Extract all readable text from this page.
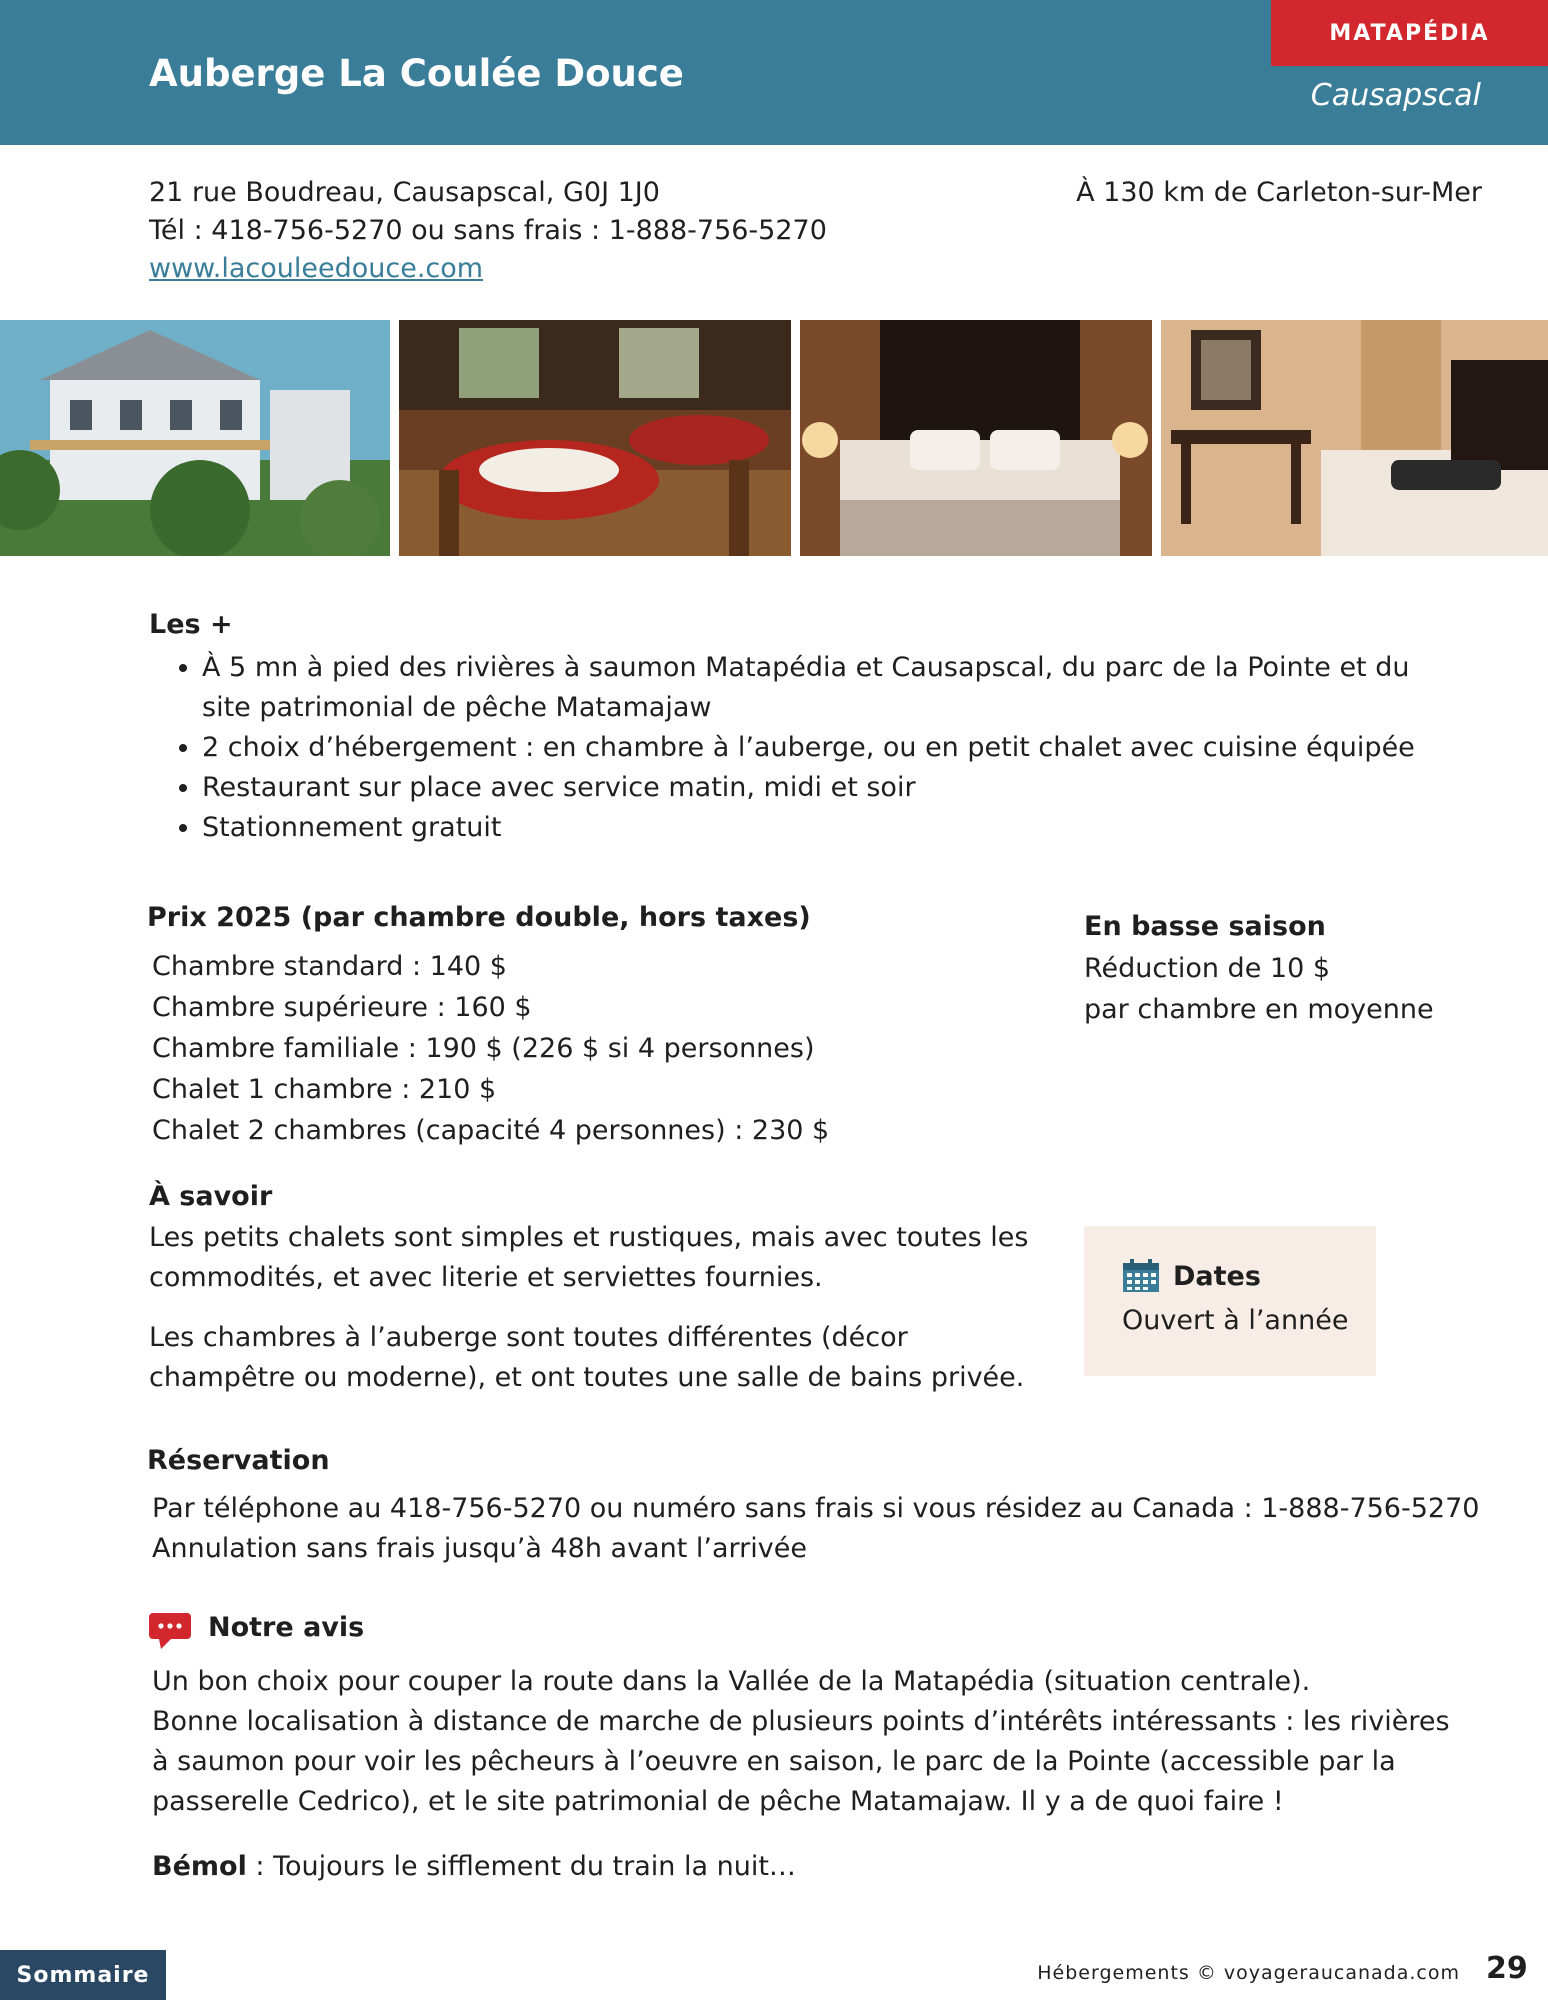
Auberge La Coulée Douce
MATAPÉDIA
Causapscal
21 rue Boudreau, Causapscal, G0J 1J0
Tél : 418-756-5270 ou sans frais : 1-888-756-5270
www.lacouleedouce.com
À 130 km de Carleton-sur-Mer
Les +
• À 5 mn à pied des rivières à saumon Matapédia et Causapscal, du parc de la Pointe et du
site patrimonial de pêche Matamajaw
• 2 choix d’hébergement : en chambre à l’auberge, ou en petit chalet avec cuisine équipée
• Restaurant sur place avec service matin, midi et soir
• Stationnement gratuit
Prix 2025 (par chambre double, hors taxes)
Chambre standard : 140 $
Chambre supérieure : 160 $
Chambre familiale : 190 $ (226 $ si 4 personnes)
Chalet 1 chambre : 210 $
Chalet 2 chambres (capacité 4 personnes) : 230 $
En basse saison
Réduction de 10 $
par chambre en moyenne
À savoir
Les petits chalets sont simples et rustiques, mais avec toutes les
commodités, et avec literie et serviettes fournies.
Les chambres à l’auberge sont toutes différentes (décor
champêtre ou moderne), et ont toutes une salle de bains privée.
Dates
Ouvert à l’année
Réservation
Par téléphone au 418-756-5270 ou numéro sans frais si vous résidez au Canada : 1-888-756-5270
Annulation sans frais jusqu’à 48h avant l’arrivée
Notre avis
Un bon choix pour couper la route dans la Vallée de la Matapédia (situation centrale).
Bonne localisation à distance de marche de plusieurs points d’intérêts intéressants : les rivières
à saumon pour voir les pêcheurs à l’oeuvre en saison, le parc de la Pointe (accessible par la
passerelle Cedrico), et le site patrimonial de pêche Matamajaw. Il y a de quoi faire !
Bémol : Toujours le sifflement du train la nuit…
Sommaire	Hébergements © voyageraucanada.com 29
